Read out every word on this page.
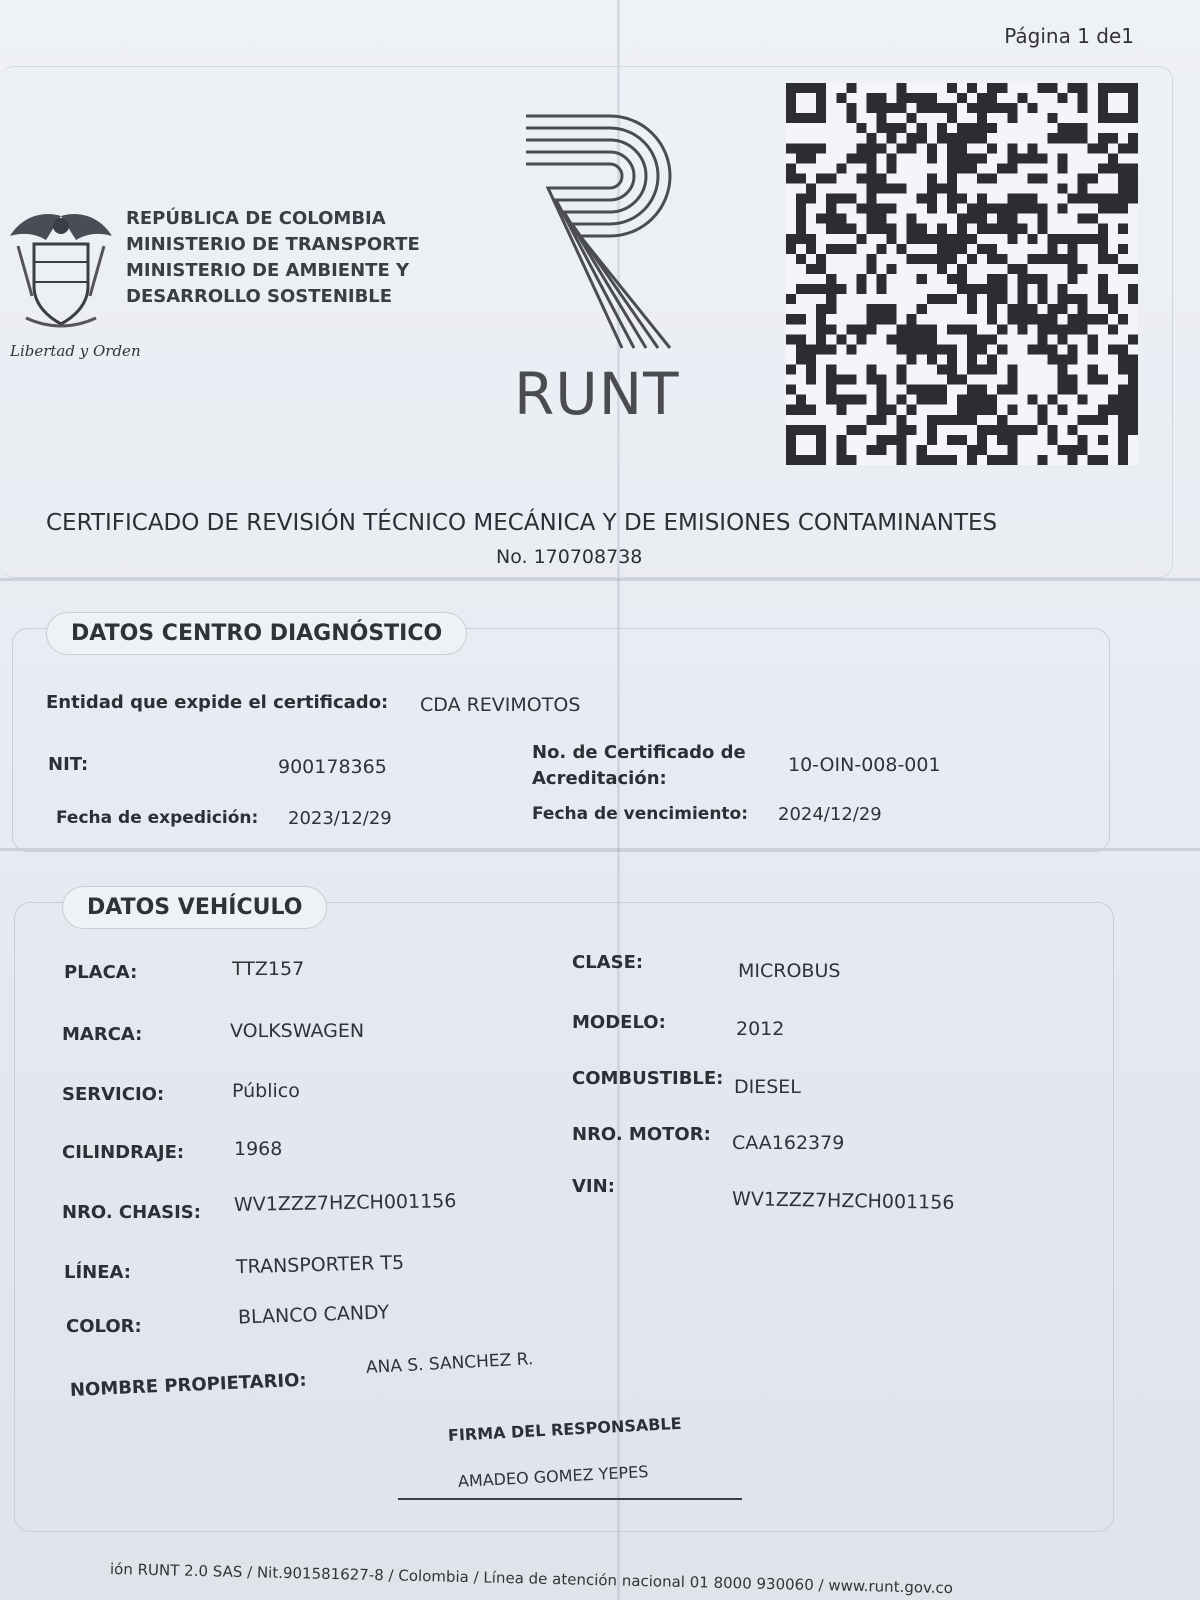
Página 1 de1
REPÚBLICA DE COLOMBIA
MINISTERIO DE TRANSPORTE
MINISTERIO DE AMBIENTE Y
DESARROLLO SOSTENIBLE
Libertad y Orden
RUNT
CERTIFICADO DE REVISIÓN TÉCNICO MECÁNICA Y DE EMISIONES CONTAMINANTES
No. 170708738
DATOS CENTRO DIAGNÓSTICO
Entidad que expide el certificado: CDA REVIMOTOS
NIT:	900178365
No. de Certificado de
Acreditación:
10-OIN-008-001
Fecha de expedición: 2023/12/29	Fecha de vencimiento: 2024/12/29
DATOS VEHÍCULO
PLACA:	TTZ157
MARCA:	VOLKSWAGEN
SERVICIO:	Público
CILINDRAJE:	1968
NRO. CHASIS: WV1ZZZ7HZCH001156
LÍNEA:	TRANSPORTER T5
COLOR:	BLANCO CANDY
NOMBRE PROPIETARIO:
ANA S. SANCHEZ R.
CLASE:	MICROBUS
MODELO:	2012
COMBUSTIBLE: DIESEL
NRO. MOTOR: CAA162379
VIN:
WV1ZZZ7HZCH001156
FIRMA DEL RESPONSABLE
AMADEO GOMEZ YEPES
ión RUNT 2.0 SAS / Nit.901581627-8 / Colombia / Línea de atención nacional 01 8000 930060 / www.runt.gov.co
